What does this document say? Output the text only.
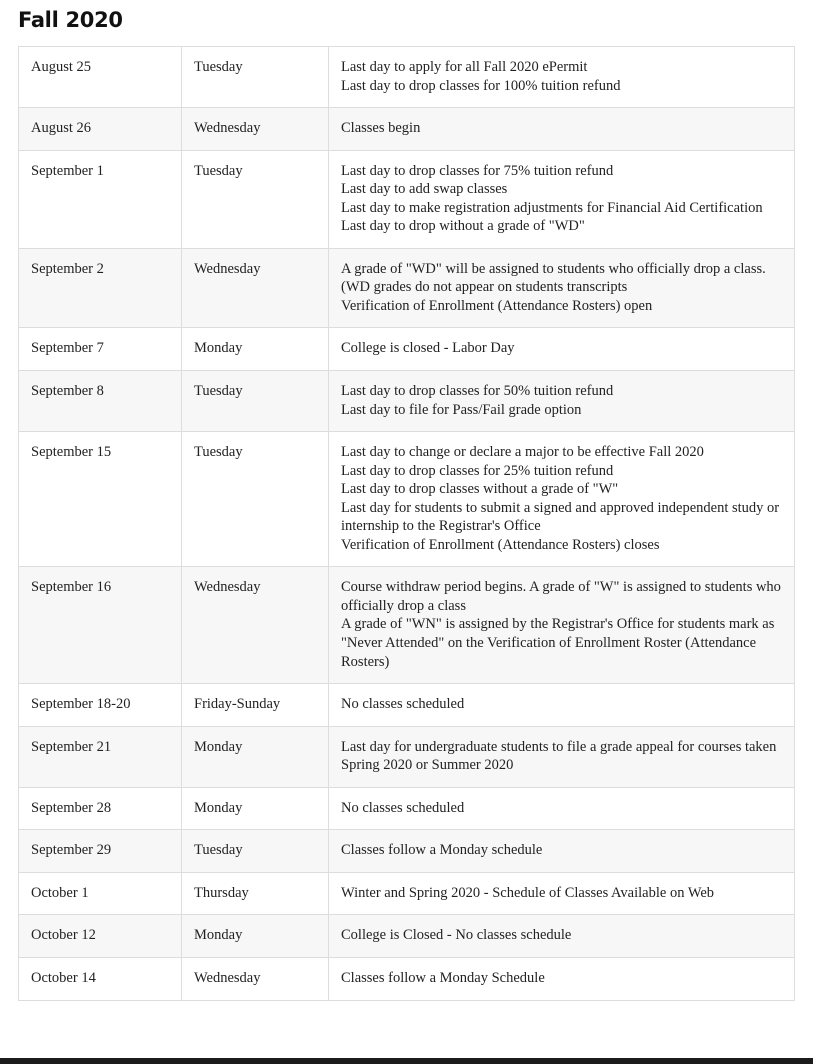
Fall 2020
August 25	Tuesday	Last day to apply for all Fall 2020 ePermit
Last day to drop classes for 100% tuition refund

August 26	Wednesday	Classes begin

September 1	Tuesday	Last day to drop classes for 75% tuition refund
Last day to add swap classes
Last day to make registration adjustments for Financial Aid Certification
Last day to drop without a grade of "WD"

September 2	Wednesday	A grade of "WD" will be assigned to students who officially drop a class. (WD grades do not appear on students transcripts
Verification of Enrollment (Attendance Rosters) open

September 7	Monday	College is closed - Labor Day

September 8	Tuesday	Last day to drop classes for 50% tuition refund
Last day to file for Pass/Fail grade option

September 15	Tuesday	Last day to change or declare a major to be effective Fall 2020
Last day to drop classes for 25% tuition refund
Last day to drop classes without a grade of "W"
Last day for students to submit a signed and approved independent study or internship to the Registrar's Office
Verification of Enrollment (Attendance Rosters) closes

September 16	Wednesday	Course withdraw period begins. A grade of "W" is assigned to students who officially drop a class
A grade of "WN" is assigned by the Registrar's Office for students mark as "Never Attended" on the Verification of Enrollment Roster (Attendance Rosters)

September 18-20	Friday-Sunday	No classes scheduled

September 21	Monday	Last day for undergraduate students to file a grade appeal for courses taken Spring 2020 or Summer 2020

September 28	Monday	No classes scheduled

September 29	Tuesday	Classes follow a Monday schedule

October 1	Thursday	Winter and Spring 2020 - Schedule of Classes Available on Web

October 12	Monday	College is Closed - No classes schedule

October 14	Wednesday	Classes follow a Monday Schedule
